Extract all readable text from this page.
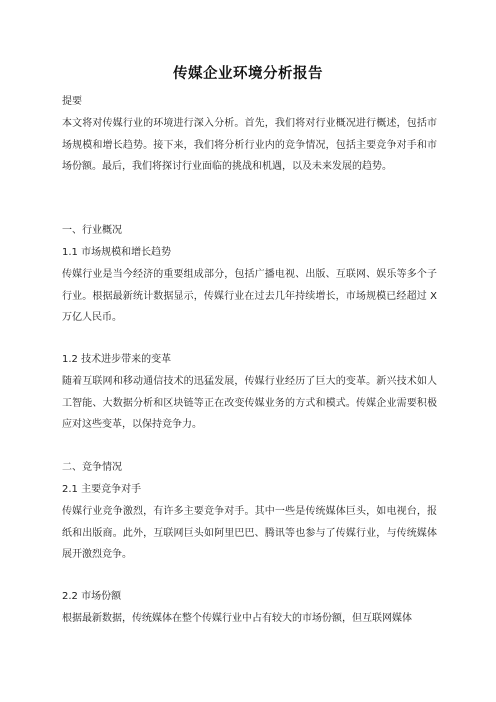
传媒企业环境分析报告
提要
本文将对传媒行业的环境进行深入分析。首先，我们将对行业概况进行概述，包括市场规模和增长趋势。接下来，我们将分析行业内的竞争情况，包括主要竞争对手和市场份额。最后，我们将探讨行业面临的挑战和机遇，以及未来发展的趋势。
一、行业概况
1.1 市场规模和增长趋势
传媒行业是当今经济的重要组成部分，包括广播电视、出版、互联网、娱乐等多个子行业。根据最新统计数据显示，传媒行业在过去几年持续增长，市场规模已经超过 X 万亿人民币。
1.2 技术进步带来的变革
随着互联网和移动通信技术的迅猛发展，传媒行业经历了巨大的变革。新兴技术如人工智能、大数据分析和区块链等正在改变传媒业务的方式和模式。传媒企业需要积极应对这些变革，以保持竞争力。
二、竞争情况
2.1 主要竞争对手
传媒行业竞争激烈，有许多主要竞争对手。其中一些是传统媒体巨头，如电视台，报纸和出版商。此外，互联网巨头如阿里巴巴、腾讯等也参与了传媒行业，与传统媒体展开激烈竞争。
2.2 市场份额
根据最新数据，传统媒体在整个传媒行业中占有较大的市场份额，但互联网媒体
